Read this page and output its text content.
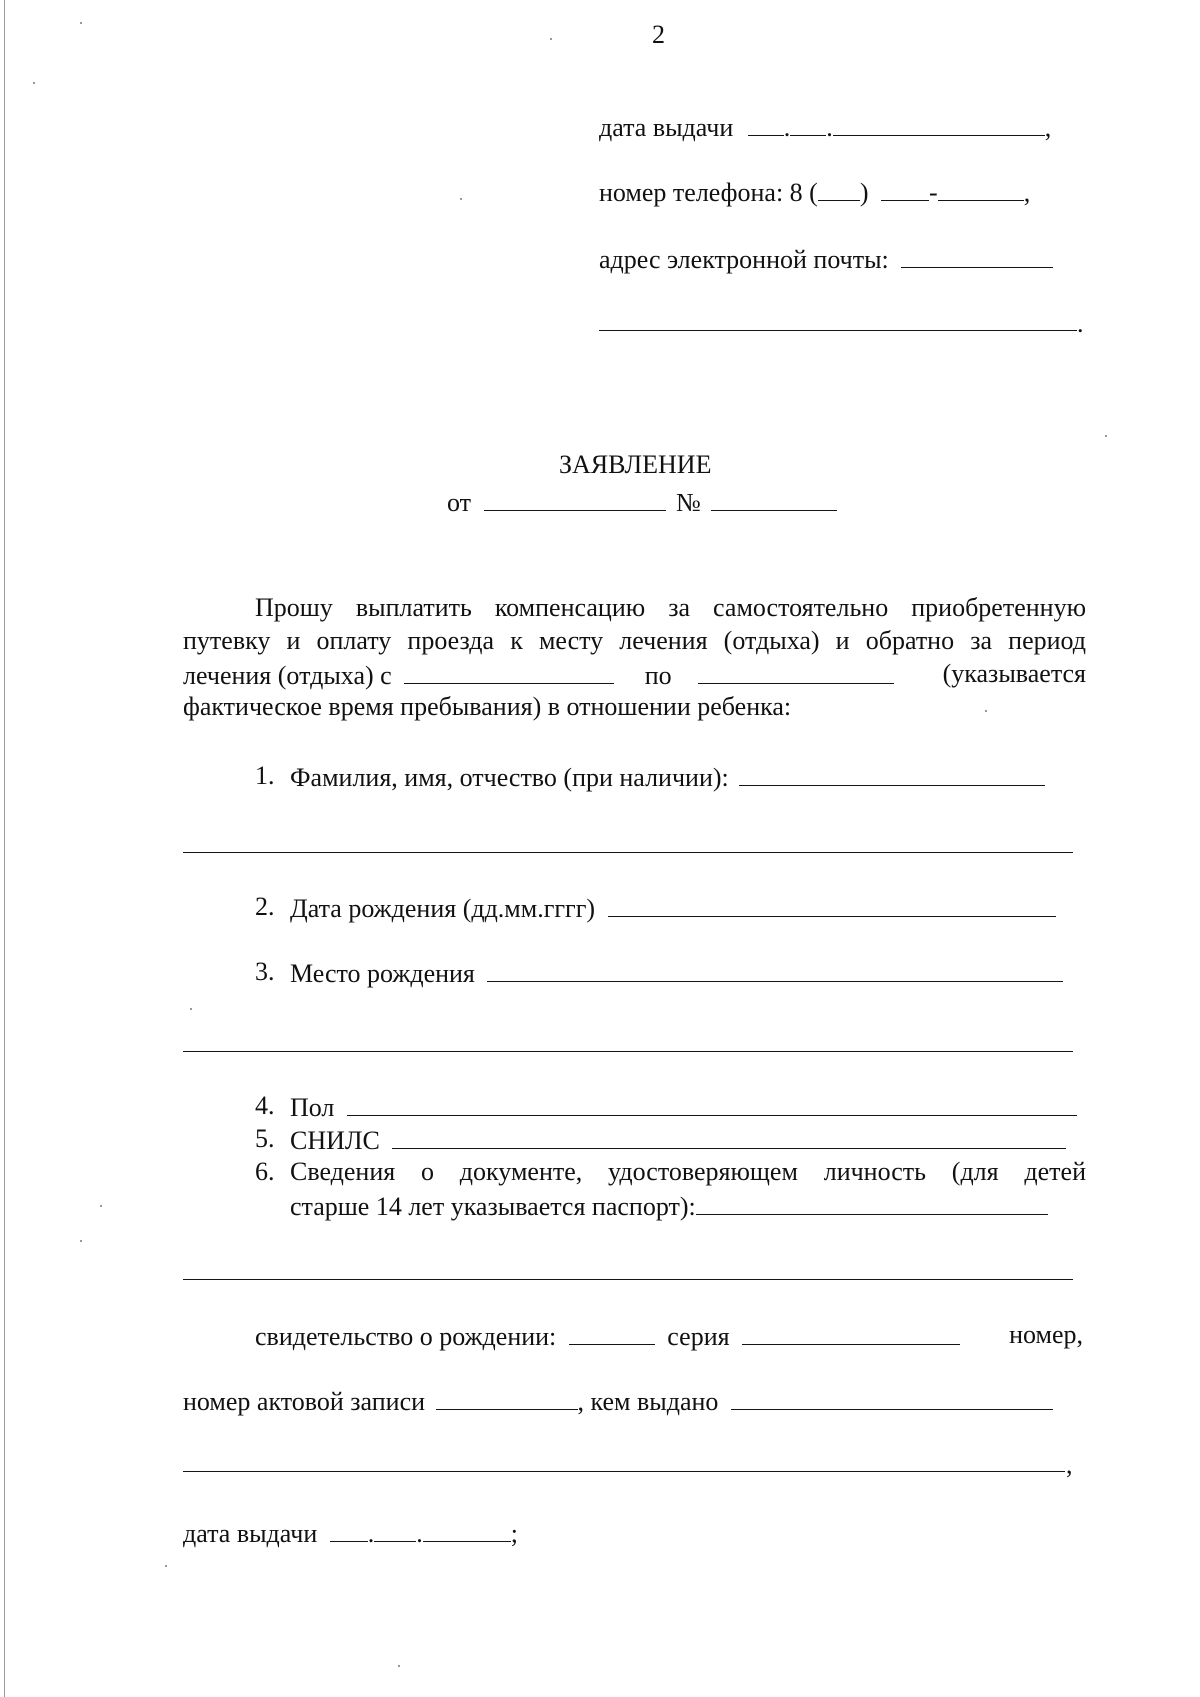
2
дата выдачи . .	,
номер телефона: 8 ( ) -	,
адрес электронной почты:
.
ЗАЯВЛЕНИЕ
от	№
Прошу выплатить компенсацию за самостоятельно приобретенную
путевку и оплату проезда к месту лечения (отдыха) и обратно за период
лечения (отдыха) с	по	(указывается
фактическое время пребывания) в отношении ребенка:
1. Фамилия, имя, отчество (при наличии):
2. Дата рождения (дд.мм.гггг)
3. Место рождения
4. Пол
5. СНИЛС
6. Сведения о документе, удостоверяющем личность (для детей
старше 14 лет указывается паспорт):
свидетельство о рождении:	серия	номер,
номер актовой записи	, кем выдано
,
дата выдачи . .	;
